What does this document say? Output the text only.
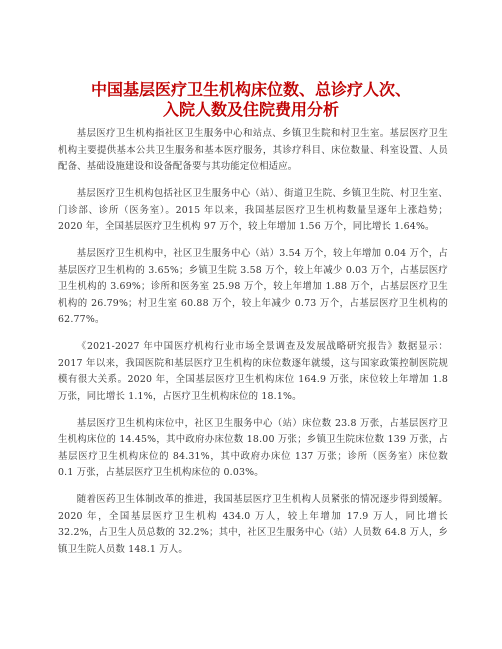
中国基层医疗卫生机构床位数、总诊疗人次、
入院人数及住院费用分析

基层医疗卫生机构指社区卫生服务中心和站点、乡镇卫生院和村卫生室。基层医疗卫生机构主要提供基本公共卫生服务和基本医疗服务，其诊疗科目、床位数量、科室设置、人员配备、基础设施建设和设备配备要与其功能定位相适应。

基层医疗卫生机构包括社区卫生服务中心（站）、街道卫生院、乡镇卫生院、村卫生室、门诊部、诊所（医务室）。2015 年以来，我国基层医疗卫生机构数量呈逐年上涨趋势；2020 年，全国基层医疗卫生机构 97 万个，较上年增加 1.56 万个，同比增长 1.64%。

基层医疗卫生机构中，社区卫生服务中心（站）3.54 万个，较上年增加 0.04 万个，占基层医疗卫生机构的 3.65%；乡镇卫生院 3.58 万个，较上年减少 0.03 万个，占基层医疗卫生机构的 3.69%；诊所和医务室 25.98 万个，较上年增加 1.88 万个，占基层医疗卫生机构的 26.79%；村卫生室 60.88 万个，较上年减少 0.73 万个，占基层医疗卫生机构的 62.77%。

《2021-2027 年中国医疗机构行业市场全景调查及发展战略研究报告》数据显示：2017 年以来，我国医院和基层医疗卫生机构的床位数逐年就缓，这与国家政策控制医院规模有很大关系。2020 年，全国基层医疗卫生机构床位 164.9 万张，床位较上年增加 1.8 万张，同比增长 1.1%，占医疗卫生机构床位的 18.1%。

基层医疗卫生机构床位中，社区卫生服务中心（站）床位数 23.8 万张，占基层医疗卫生机构床位的 14.45%，其中政府办床位数 18.00 万张；乡镇卫生院床位数 139 万张，占基层医疗卫生机构床位的 84.31%，其中政府办床位 137 万张；诊所（医务室）床位数 0.1 万张，占基层医疗卫生机构床位的 0.03%。

随着医药卫生体制改革的推进，我国基层医疗卫生机构人员紧张的情况逐步得到缓解。2020 年，全国基层医疗卫生机构 434.0 万人，较上年增加 17.9 万人，同比增长 32.2%，占卫生人员总数的 32.2%；其中，社区卫生服务中心（站）人员数 64.8 万人，乡镇卫生院人员数 148.1 万人。
